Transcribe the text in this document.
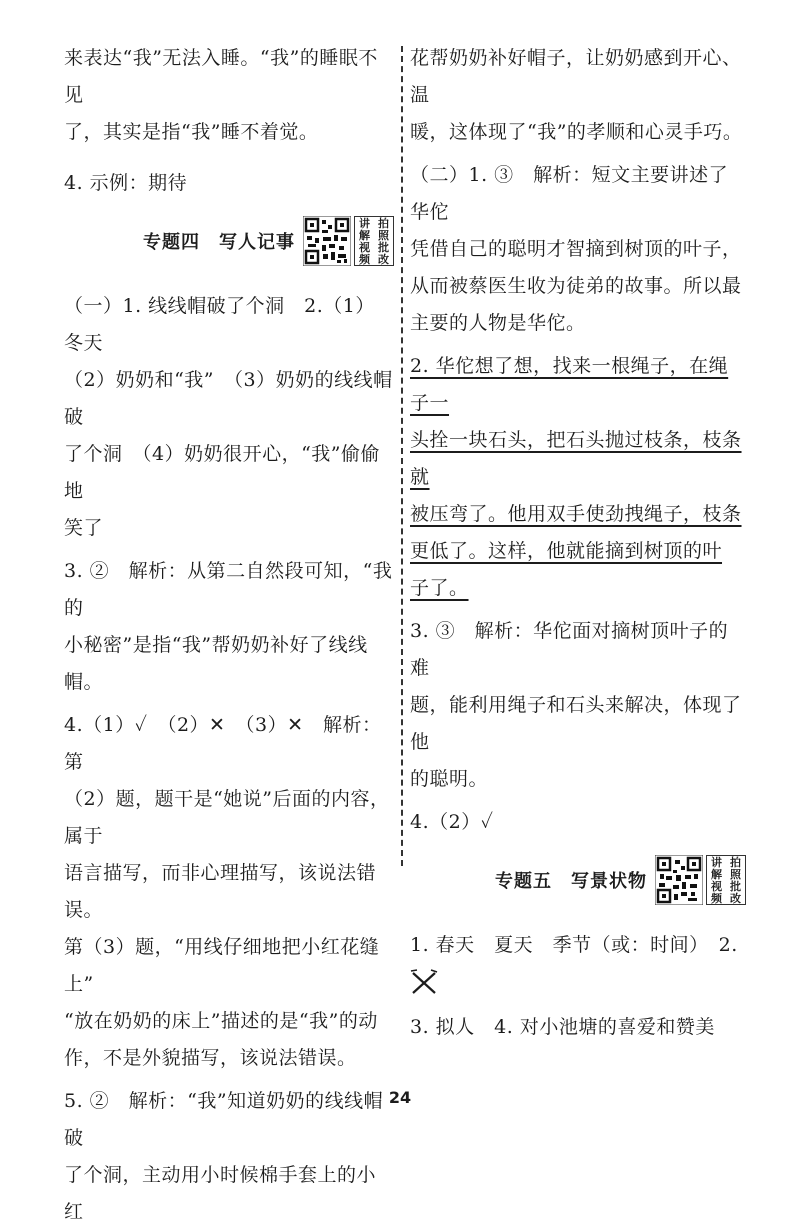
来表达“我”无法入睡。“我”的睡眠不见

了，其实是指“我”睡不着觉。

4. 示例：期待

专题四　写人记事
讲 拍
解 照
视 批
频 改

（一）1. 线线帽破了个洞　2.（1）冬天

（2）奶奶和“我”　（3）奶奶的线线帽破

了个洞　（4）奶奶很开心，“我”偷偷地

笑了

3. ②　解析：从第二自然段可知，“我的

小秘密”是指“我”帮奶奶补好了线线帽。

4.（1）✓　（2）✕　（3）✕　解析：第

（2）题，题干是“她说”后面的内容，属于

语言描写，而非心理描写，该说法错误。

第（3）题，“用线仔细地把小红花缝上”

“放在奶奶的床上”描述的是“我”的动

作，不是外貌描写，该说法错误。

5. ②　解析：“我”知道奶奶的线线帽破

了个洞，主动用小时候棉手套上的小红

花帮奶奶补好帽子，让奶奶感到开心、温

暖，这体现了“我”的孝顺和心灵手巧。

（二）1. ③　解析：短文主要讲述了华佗

凭借自己的聪明才智摘到树顶的叶子，

从而被蔡医生收为徒弟的故事。所以最

主要的人物是华佗。

2. 华佗想了想，找来一根绳子，在绳子一

头拴一块石头，把石头抛过枝条，枝条就

被压弯了。他用双手使劲拽绳子，枝条

更低了。这样，他就能摘到树顶的叶

子了。

3. ③　解析：华佗面对摘树顶叶子的难

题，能利用绳子和石头来解决，体现了他

的聪明。

4.（2）✓

专题五　写景状物
讲 拍
解 照
视 批
频 改

1. 春天　夏天　季节（或：时间）　2.

3. 拟人　4. 对小池塘的喜爱和赞美

24
